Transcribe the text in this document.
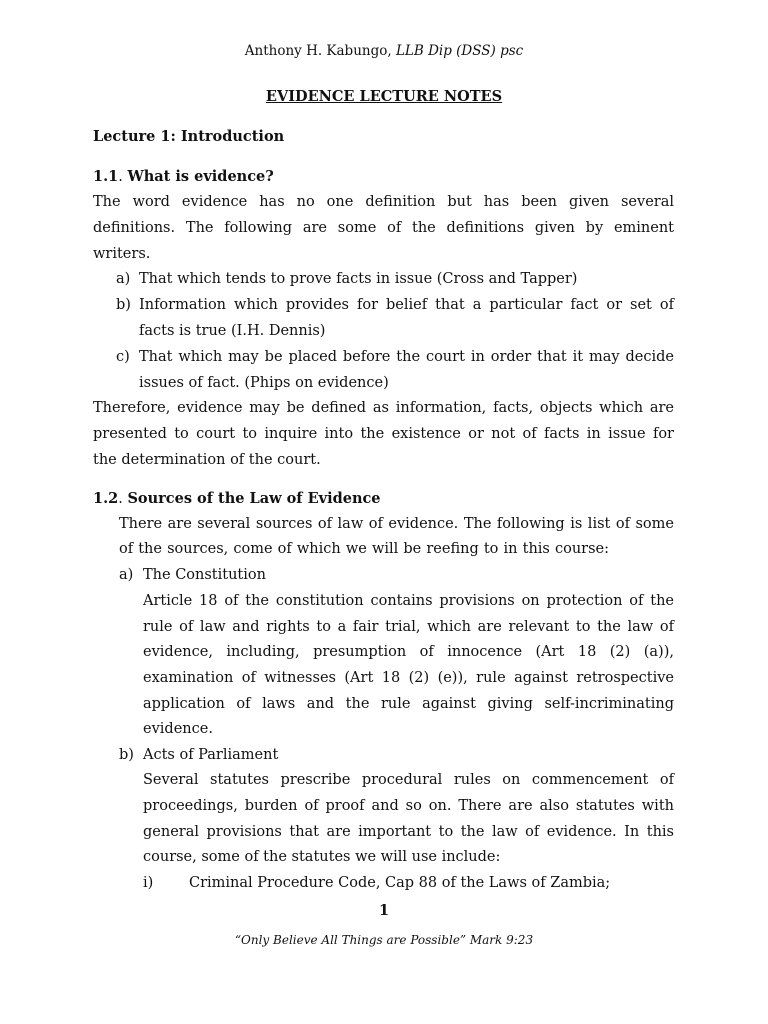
Anthony H. Kabungo, LLB Dip (DSS) psc
EVIDENCE LECTURE NOTES
Lecture 1: Introduction
1.1. What is evidence?
The word evidence has no one definition but has been given several
definitions. The following are some of the definitions given by eminent
writers.
a) That which tends to prove facts in issue (Cross and Tapper)
b) Information which provides for belief that a particular fact or set of
facts is true (I.H. Dennis)
c) That which may be placed before the court in order that it may decide
issues of fact. (Phips on evidence)
Therefore, evidence may be defined as information, facts, objects which are
presented to court to inquire into the existence or not of facts in issue for
the determination of the court.
1.2. Sources of the Law of Evidence
There are several sources of law of evidence. The following is list of some
of the sources, come of which we will be reefing to in this course:
a) The Constitution
Article 18 of the constitution contains provisions on protection of the
rule of law and rights to a fair trial, which are relevant to the law of
evidence, including, presumption of innocence (Art 18 (2) (a)),
examination of witnesses (Art 18 (2) (e)), rule against retrospective
application of laws and the rule against giving self-incriminating
evidence.
b) Acts of Parliament
Several statutes prescribe procedural rules on commencement of
proceedings, burden of proof and so on. There are also statutes with
general provisions that are important to the law of evidence. In this
course, some of the statutes we will use include:
i) Criminal Procedure Code, Cap 88 of the Laws of Zambia;
1
“Only Believe All Things are Possible” Mark 9:23
